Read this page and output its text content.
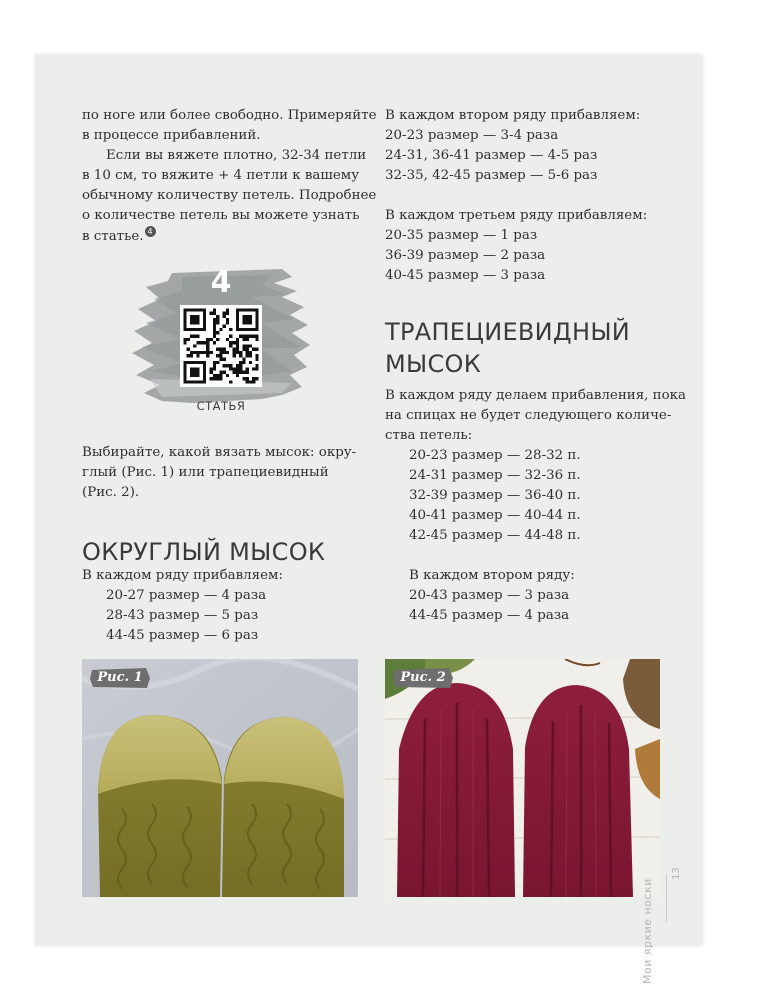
по ноге или более свободно. Примеряйте
в процессе прибавлений.
Если вы вяжете плотно, 32-34 петли
в 10 см, то вяжите + 4 петли к вашему
обычному количеству петель. Подробнее
о количестве петель вы можете узнать
в статье. 4
4
СТАТЬЯ
Выбирайте, какой вязать мысок: окру-
глый (Рис. 1) или трапециевидный
(Рис. 2).
ОКРУГЛЫЙ МЫСОК
В каждом ряду прибавляем:
20-27 размер — 4 раза
28-43 размер — 5 раз
44-45 размер — 6 раз
В каждом втором ряду прибавляем:
20-23 размер — 3-4 раза
24-31, 36-41 размер — 4-5 раз
32-35, 42-45 размер — 5-6 раз
В каждом третьем ряду прибавляем:
20-35 размер — 1 раз
36-39 размер — 2 раза
40-45 размер — 3 раза
ТРАПЕЦИЕВИДНЫЙ
МЫСОК
В каждом ряду делаем прибавления, пока
на спицах не будет следующего количе-
ства петель:
20-23 размер — 28-32 п.
24-31 размер — 32-36 п.
32-39 размер — 36-40 п.
40-41 размер — 40-44 п.
42-45 размер — 44-48 п.
В каждом втором ряду:
20-43 размер — 3 раза
44-45 размер — 4 раза
Рис. 1	Рис. 2
Мои яркие носки
13
